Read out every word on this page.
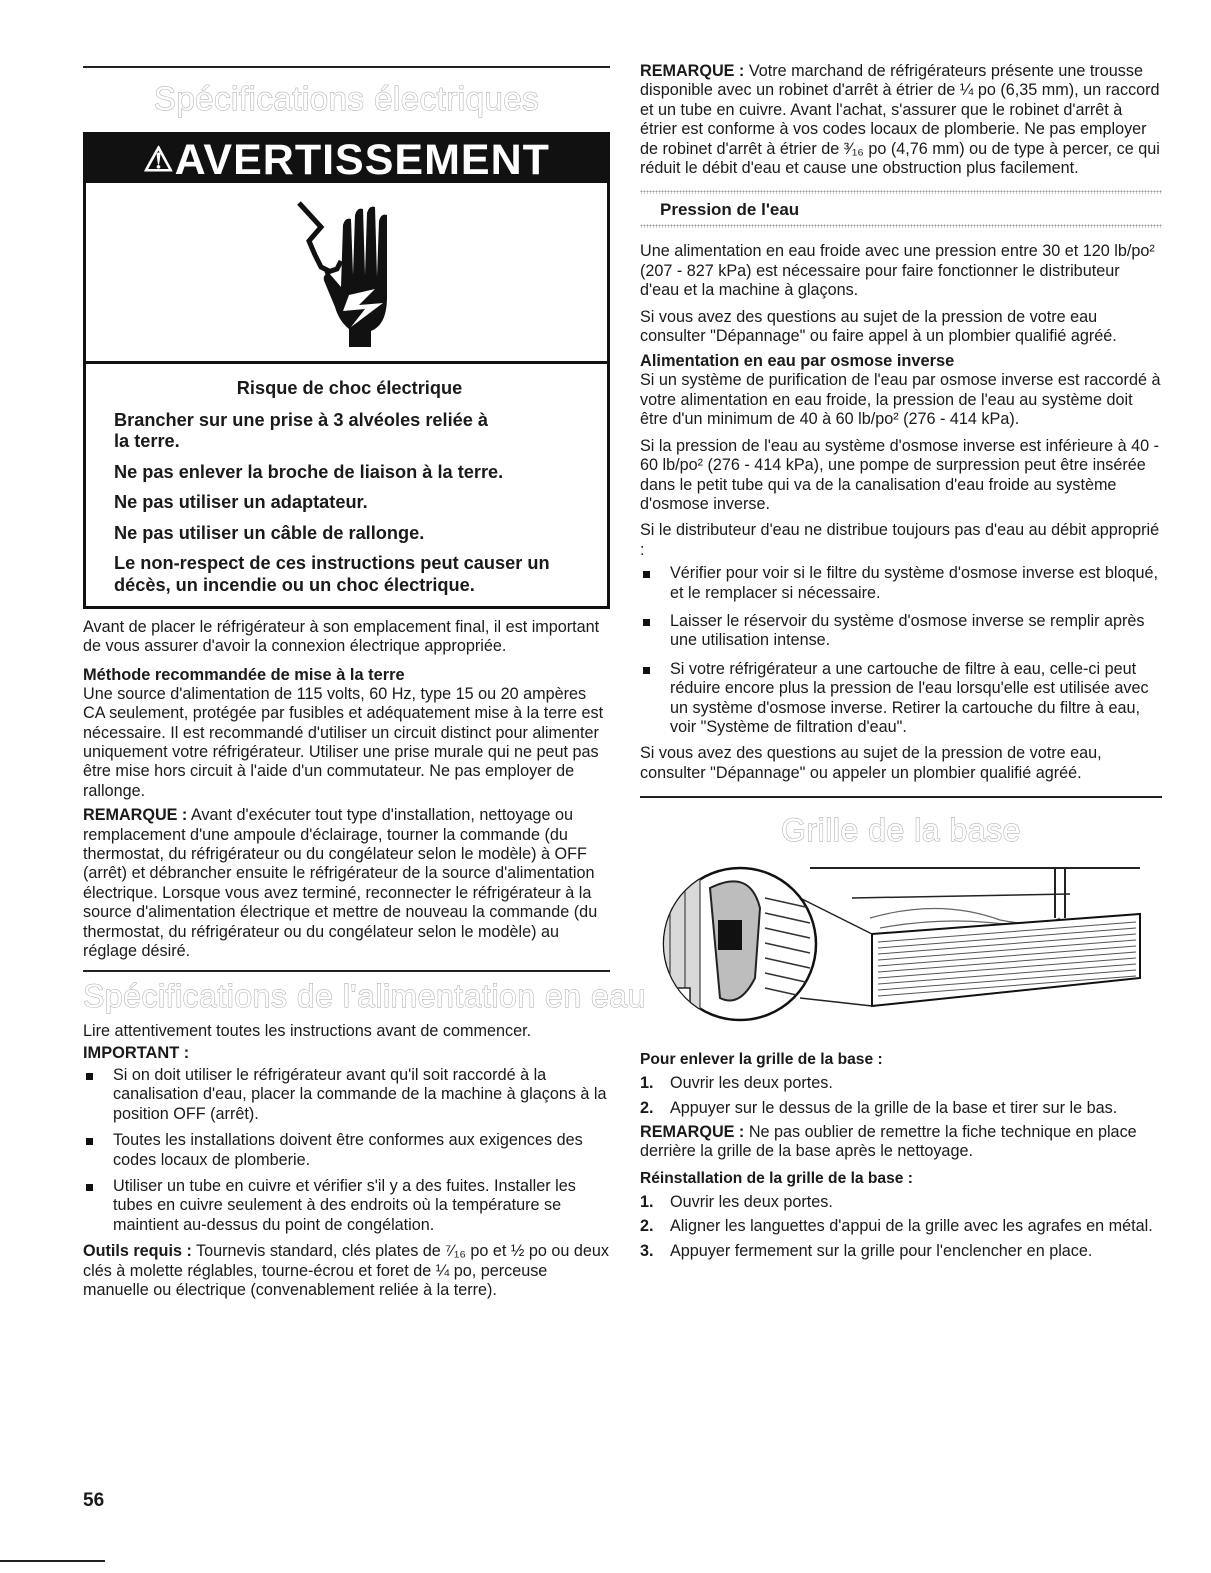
Spécifications électriques
⚠AVERTISSEMENT
Risque de choc électrique
Brancher sur une prise à 3 alvéoles reliée à la terre.
Ne pas enlever la broche de liaison à la terre.
Ne pas utiliser un adaptateur.
Ne pas utiliser un câble de rallonge.
Le non-respect de ces instructions peut causer un décès, un incendie ou un choc électrique.

Avant de placer le réfrigérateur à son emplacement final, il est important de vous assurer d'avoir la connexion électrique appropriée.

Méthode recommandée de mise à la terre

Une source d'alimentation de 115 volts, 60 Hz, type 15 ou 20 ampères CA seulement, protégée par fusibles et adéquatement mise à la terre est nécessaire. Il est recommandé d'utiliser un circuit distinct pour alimenter uniquement votre réfrigérateur. Utiliser une prise murale qui ne peut pas être mise hors circuit à l'aide d'un commutateur. Ne pas employer de rallonge.

REMARQUE : Avant d'exécuter tout type d'installation, nettoyage ou remplacement d'une ampoule d'éclairage, tourner la commande (du thermostat, du réfrigérateur ou du congélateur selon le modèle) à OFF (arrêt) et débrancher ensuite le réfrigérateur de la source d'alimentation électrique. Lorsque vous avez terminé, reconnecter le réfrigérateur à la source d'alimentation électrique et mettre de nouveau la commande (du thermostat, du réfrigérateur ou du congélateur selon le modèle) au réglage désiré.

Spécifications de l'alimentation en eau

Lire attentivement toutes les instructions avant de commencer.

IMPORTANT :
Si on doit utiliser le réfrigérateur avant qu'il soit raccordé à la canalisation d'eau, placer la commande de la machine à glaçons à la position OFF (arrêt).
Toutes les installations doivent être conformes aux exigences des codes locaux de plomberie.
Utiliser un tube en cuivre et vérifier s'il y a des fuites. Installer les tubes en cuivre seulement à des endroits où la température se maintient au-dessus du point de congélation.

Outils requis : Tournevis standard, clés plates de ⁷⁄₁₆ po et ½ po ou deux clés à molette réglables, tourne-écrou et foret de ¼ po, perceuse manuelle ou électrique (convenablement reliée à la terre).

56

REMARQUE : Votre marchand de réfrigérateurs présente une trousse disponible avec un robinet d'arrêt à étrier de ¼ po (6,35 mm), un raccord et un tube en cuivre. Avant l'achat, s'assurer que le robinet d'arrêt à étrier est conforme à vos codes locaux de plomberie. Ne pas employer de robinet d'arrêt à étrier de ³⁄₁₆ po (4,76 mm) ou de type à percer, ce qui réduit le débit d'eau et cause une obstruction plus facilement.

Pression de l'eau

Une alimentation en eau froide avec une pression entre 30 et 120 lb/po² (207 - 827 kPa) est nécessaire pour faire fonctionner le distributeur d'eau et la machine à glaçons.

Si vous avez des questions au sujet de la pression de votre eau consulter "Dépannage" ou faire appel à un plombier qualifié agréé.

Alimentation en eau par osmose inverse

Si un système de purification de l'eau par osmose inverse est raccordé à votre alimentation en eau froide, la pression de l'eau au système doit être d'un minimum de 40 à 60 lb/po² (276 - 414 kPa).

Si la pression de l'eau au système d'osmose inverse est inférieure à 40 - 60 lb/po² (276 - 414 kPa), une pompe de surpression peut être insérée dans le petit tube qui va de la canalisation d'eau froide au système d'osmose inverse.

Si le distributeur d'eau ne distribue toujours pas d'eau au débit approprié :

Vérifier pour voir si le filtre du système d'osmose inverse est bloqué, et le remplacer si nécessaire.
Laisser le réservoir du système d'osmose inverse se remplir après une utilisation intense.
Si votre réfrigérateur a une cartouche de filtre à eau, celle-ci peut réduire encore plus la pression de l'eau lorsqu'elle est utilisée avec un système d'osmose inverse. Retirer la cartouche du filtre à eau, voir "Système de filtration d'eau".

Si vous avez des questions au sujet de la pression de votre eau, consulter "Dépannage" ou appeler un plombier qualifié agréé.

Grille de la base
Pour enlever la grille de la base :
1. Ouvrir les deux portes.
2. Appuyer sur le dessus de la grille de la base et tirer sur le bas.

REMARQUE : Ne pas oublier de remettre la fiche technique en place derrière la grille de la base après le nettoyage.

Réinstallation de la grille de la base :
1. Ouvrir les deux portes.
2. Aligner les languettes d'appui de la grille avec les agrafes en métal.
3. Appuyer fermement sur la grille pour l'enclencher en place.
